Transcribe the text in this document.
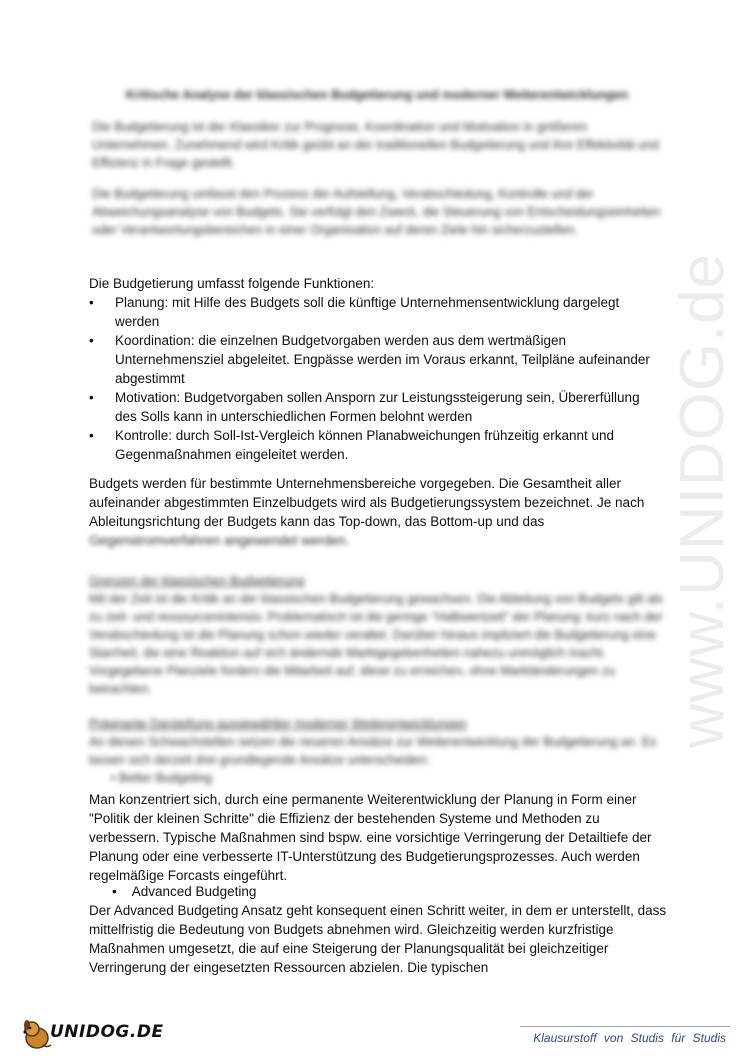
www.UNIDOG.de
Kritische Analyse der klassischen Budgetierung und moderner Weiterentwicklungen
Die Budgetierung ist der Klassiker zur Prognose, Koordination und Motivation in größeren Unternehmen. Zunehmend wird Kritik geübt an der traditionellen Budgetierung und ihre Effektivität und Effizienz in Frage gestellt.
Die Budgetierung umfasst den Prozess der Aufstellung, Verabschiedung, Kontrolle und der Abweichungsanalyse von Budgets. Sie verfolgt den Zweck, die Steuerung von Entscheidungseinheiten oder Verantwortungsbereichen in einer Organisation auf deren Ziele hin sicherzustellen.
Die Budgetierung umfasst folgende Funktionen:
• Planung: mit Hilfe des Budgets soll die künftige Unternehmensentwicklung dargelegt werden
• Koordination: die einzelnen Budgetvorgaben werden aus dem wertmäßigen Unternehmensziel abgeleitet. Engpässe werden im Voraus erkannt, Teilpläne aufeinander abgestimmt
• Motivation: Budgetvorgaben sollen Ansporn zur Leistungssteigerung sein, Übererfüllung des Solls kann in unterschiedlichen Formen belohnt werden
• Kontrolle: durch Soll-Ist-Vergleich können Planabweichungen frühzeitig erkannt und Gegenmaßnahmen eingeleitet werden.
Budgets werden für bestimmte Unternehmensbereiche vorgegeben. Die Gesamtheit aller aufeinander abgestimmten Einzelbudgets wird als Budgetierungssystem bezeichnet. Je nach Ableitungsrichtung der Budgets kann das Top-down, das Bottom-up und das
Gegenstromverfahren angewendet werden.
Grenzen der klassischen Budgetierung
Mit der Zeit ist die Kritik an der klassischen Budgetierung gewachsen. Die Ableitung von Budgets gilt als zu zeit- und ressourcenintensiv. Problematisch ist die geringe "Halbwertzeit" der Planung: kurz nach der Verabschiedung ist die Planung schon wieder veraltet. Darüber hinaus impliziert die Budgetierung eine Starrheit, die eine Reaktion auf sich ändernde Marktgegebenheiten nahezu unmöglich macht. Vorgegebene Planziele fordern die Mitarbeit auf, diese zu erreichen, ohne Marktänderungen zu betrachten.
Prägnante Darstellung ausgewählter moderner Weiterentwicklungen
An diesen Schwachstellen setzen die neueren Ansätze zur Weiterentwicklung der Budgetierung an. Es lassen sich derzeit drei grundlegende Ansätze unterscheiden:
• Better Budgeting
Man konzentriert sich, durch eine permanente Weiterentwicklung der Planung in Form einer "Politik der kleinen Schritte" die Effizienz der bestehenden Systeme und Methoden zu verbessern. Typische Maßnahmen sind bspw. eine vorsichtige Verringerung der Detailtiefe der Planung oder eine verbesserte IT-Unterstützung des Budgetierungsprozesses. Auch werden regelmäßige Forcasts eingeführt.
• Advanced Budgeting
Der Advanced Budgeting Ansatz geht konsequent einen Schritt weiter, in dem er unterstellt, dass mittelfristig die Bedeutung von Budgets abnehmen wird. Gleichzeitig werden kurzfristige Maßnahmen umgesetzt, die auf eine Steigerung der Planungsqualität bei gleichzeitiger Verringerung der eingesetzten Ressourcen abzielen. Die typischen
UNIDOG.DE	Klausurstoff von Studis für Studis
